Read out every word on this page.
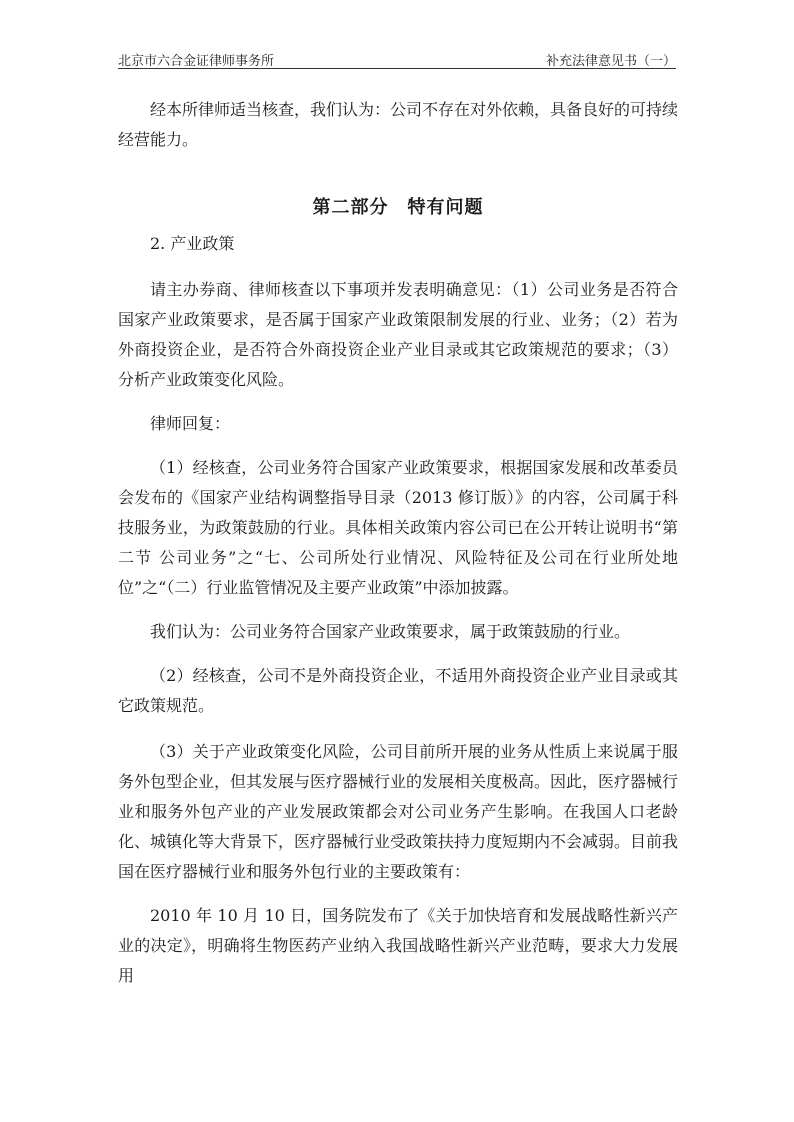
北京市六合金证律师事务所	补充法律意见书（一）

经本所律师适当核查，我们认为：公司不存在对外依赖，具备良好的可持续经营能力。

第二部分　特有问题

2. 产业政策

请主办券商、律师核查以下事项并发表明确意见：（1）公司业务是否符合国家产业政策要求，是否属于国家产业政策限制发展的行业、业务；（2）若为外商投资企业，是否符合外商投资企业产业目录或其它政策规范的要求；（3）分析产业政策变化风险。

律师回复：

（1）经核查，公司业务符合国家产业政策要求，根据国家发展和改革委员会发布的《国家产业结构调整指导目录（2013 修订版）》的内容，公司属于科技服务业，为政策鼓励的行业。具体相关政策内容公司已在公开转让说明书“第二节 公司业务”之“七、公司所处行业情况、风险特征及公司在行业所处地位”之“（二）行业监管情况及主要产业政策”中添加披露。

我们认为：公司业务符合国家产业政策要求，属于政策鼓励的行业。

（2）经核查，公司不是外商投资企业，不适用外商投资企业产业目录或其它政策规范。

（3）关于产业政策变化风险，公司目前所开展的业务从性质上来说属于服务外包型企业，但其发展与医疗器械行业的发展相关度极高。因此，医疗器械行业和服务外包产业的产业发展政策都会对公司业务产生影响。在我国人口老龄化、城镇化等大背景下，医疗器械行业受政策扶持力度短期内不会减弱。目前我国在医疗器械行业和服务外包行业的主要政策有：

2010 年 10 月 10 日，国务院发布了《关于加快培育和发展战略性新兴产业的决定》，明确将生物医药产业纳入我国战略性新兴产业范畴，要求大力发展用
